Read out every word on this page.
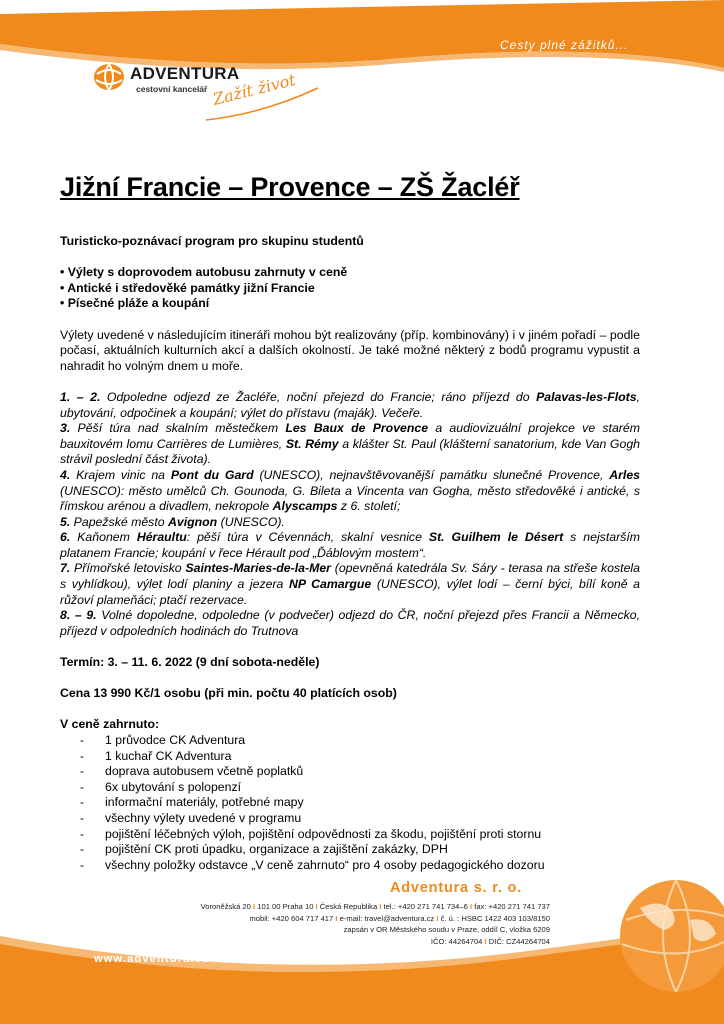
Cesty plné zážitků...
ADVENTURA
cestovní kancelář Zažít život
Jižní Francie – Provence – ZŠ Žacléř

Turisticko-poznávací program pro skupinu studentů

• Výlety s doprovodem autobusu zahrnuty v ceně

• Antické i středověké památky jižní Francie

• Písečné pláže a koupání

Výlety uvedené v následujícím itineráři mohou být realizovány (příp. kombinovány) i v jiném pořadí – podle počasí, aktuálních kulturních akcí a dalších okolností. Je také možné některý z bodů programu vypustit a nahradit ho volným dnem u moře.

1. – 2. Odpoledne odjezd ze Žacléře, noční přejezd do Francie; ráno příjezd do Palavas-les-Flots, ubytování, odpočinek a koupání; výlet do přístavu (maják). Večeře.

3. Pěší túra nad skalním městečkem Les Baux de Provence a audiovizuální projekce ve starém bauxitovém lomu Carrières de Lumières, St. Rémy a klášter St. Paul (klášterní sanatorium, kde Van Gogh strávil poslední část života).

4. Krajem vinic na Pont du Gard (UNESCO), nejnavštěvovanější památku slunečné Provence, Arles (UNESCO): město umělců Ch. Gounoda, G. Bileta a Vincenta van Gogha, město středověké i antické, s římskou arénou a divadlem, nekropole Alyscamps z 6. století;

5. Papežské město Avignon (UNESCO).

6. Kaňonem Héraultu: pěší túra v Cévennách, skalní vesnice St. Guilhem le Désert s nejstarším platanem Francie; koupání v řece Hérault pod „Ďáblovým mostem“.

7. Přímořské letovisko Saintes-Maries-de-la-Mer (opevněná katedrála Sv. Sáry - terasa na střeše kostela s vyhlídkou), výlet lodí planiny a jezera NP Camargue (UNESCO), výlet lodí – černí býci, bílí koně a růžoví plameňáci; ptačí rezervace.

8. – 9. Volné dopoledne, odpoledne (v podvečer) odjezd do ČR, noční přejezd přes Francii a Německo, příjezd v odpoledních hodinách do Trutnova

Termín: 3. – 11. 6. 2022 (9 dní sobota-neděle)

Cena 13 990 Kč/1 osobu (při min. počtu 40 platících osob)

V ceně zahrnuto:

- 1 průvodce CK Adventura
- 1 kuchař CK Adventura
- doprava autobusem včetně poplatků
- 6x ubytování s polopenzí
- informační materiály, potřebné mapy
- všechny výlety uvedené v programu
- pojištění léčebných výloh, pojištění odpovědnosti za škodu, pojištění proti stornu
- pojištění CK proti úpadku, organizace a zajištění zakázky, DPH
- všechny položky odstavce „V ceně zahrnuto“ pro 4 osoby pedagogického dozoru
Adventura s. r. o.
Voroněžská 20 I 101 00 Praha 10 I Česká Republika I tel.: +420 271 741 734–6 I fax: +420 271 741 737
mobil: +420 604 717 417 I e-mail: travel@adventura.cz I č. ú. : HSBC 1422 403 103/8150
zapsán v OR Městského soudu v Praze, oddíl C, vložka 6209
IČO: 44264704 I DIČ: CZ44264704
www.adventura.cz
